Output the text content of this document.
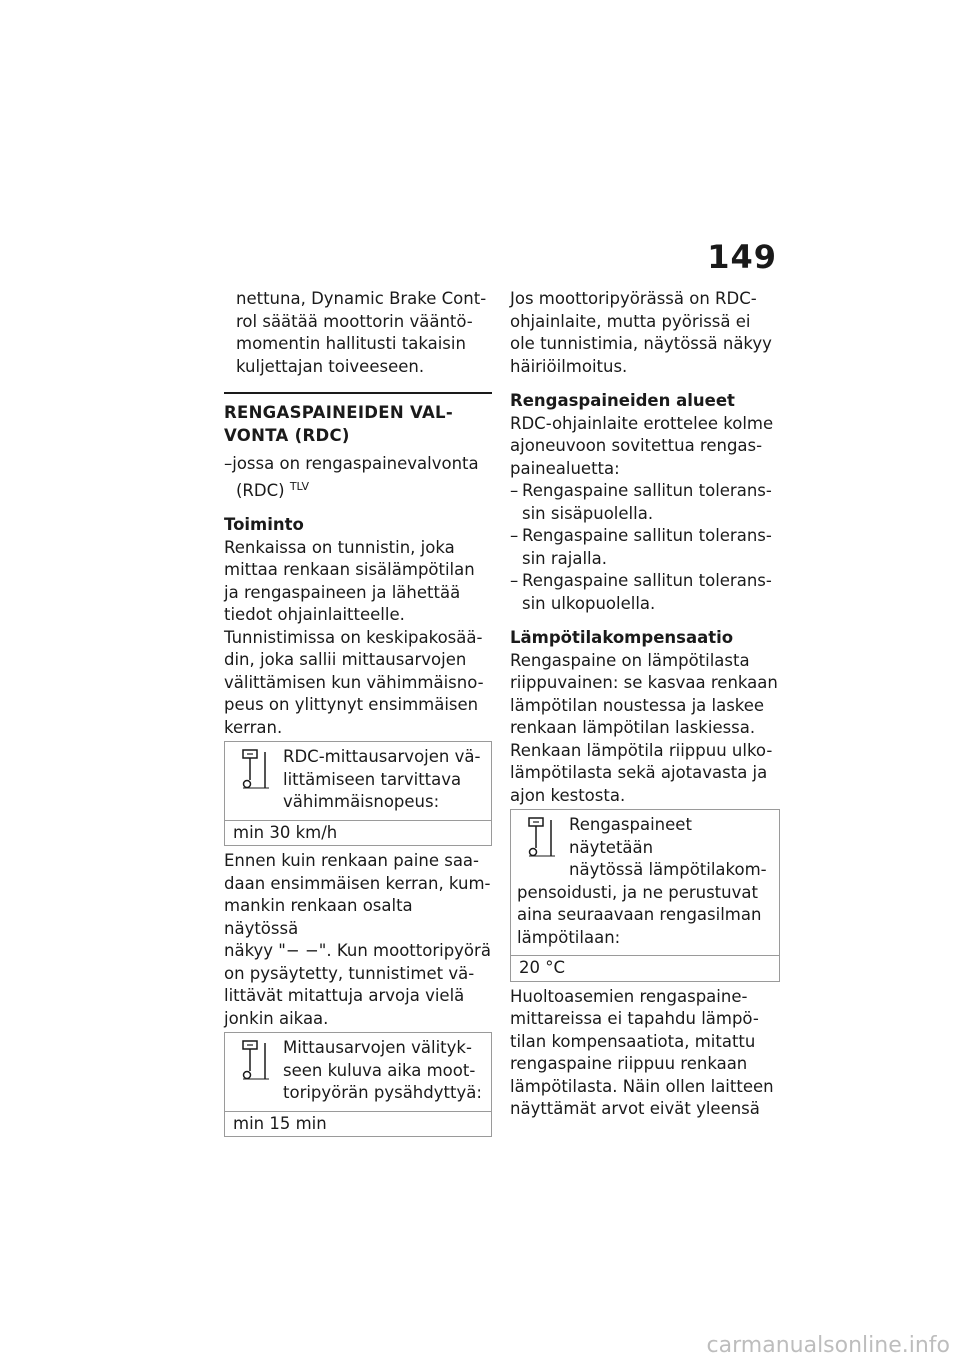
149

nettuna, Dynamic Brake Cont-

rol säätää moottorin vääntö-

momentin hallitusti takaisin

kuljettajan toiveeseen.

RENGASPAINEIDEN VAL-

VONTA (RDC)

–jossa on rengaspainevalvonta

(RDC) $^{TLV}$

Toiminto

Renkaissa on tunnistin, joka

mittaa renkaan sisälämpötilan

ja rengaspaineen ja lähettää

tiedot ohjainlaitteelle.

Tunnistimissa on keskipakosää-

din, joka sallii mittausarvojen

välittämisen kun vähimmäisno-

peus on ylittynyt ensimmäisen

kerran.

RDC-mittausarvojen vä-

littämiseen tarvittava

vähimmäisnopeus:

min 30 km/h

Ennen kuin renkaan paine saa-

daan ensimmäisen kerran, kum-

mankin renkaan osalta näytössä

näkyy "− −". Kun moottoripyörä

on pysäytetty, tunnistimet vä-

littävät mitattuja arvoja vielä

jonkin aikaa.

Mittausarvojen välityk-

seen kuluva aika moot-

toripyörän pysähdyttyä:

min 15 min

Jos moottoripyörässä on RDC-

ohjainlaite, mutta pyörissä ei

ole tunnistimia, näytössä näkyy

häiriöilmoitus.

Rengaspaineiden alueet

RDC-ohjainlaite erottelee kolme

ajoneuvoon sovitettua rengas-

painealuetta:

– Rengaspaine sallitun tolerans-

sin sisäpuolella.

– Rengaspaine sallitun tolerans-

sin rajalla.

– Rengaspaine sallitun tolerans-

sin ulkopuolella.

Lämpötilakompensaatio

Rengaspaine on lämpötilasta

riippuvainen: se kasvaa renkaan

lämpötilan noustessa ja laskee

renkaan lämpötilan laskiessa.

Renkaan lämpötila riippuu ulko-

lämpötilasta sekä ajotavasta ja

ajon kestosta.

Rengaspaineet näytetään

näytössä lämpötilakom-

pensoidusti, ja ne perustuvat

aina seuraavaan rengasilman

lämpötilaan:

20 °C

Huoltoasemien rengaspaine-

mittareissa ei tapahdu lämpö-

tilan kompensaatiota, mitattu

rengaspaine riippuu renkaan

lämpötilasta. Näin ollen laitteen

näyttämät arvot eivät yleensä

carmanualsonline.info
